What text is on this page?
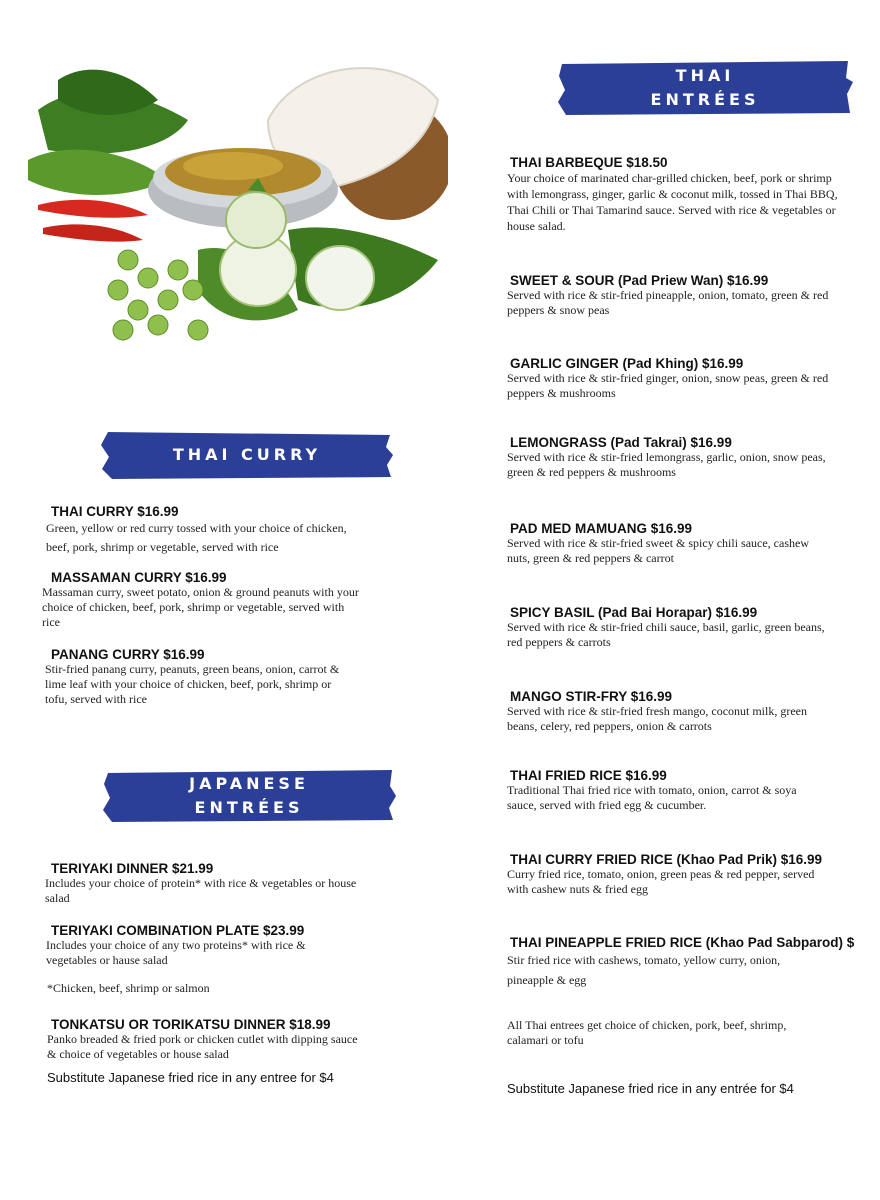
THAI
ENTRÉES
THAI CURRY
JAPANESE
ENTRÉES
THAI CURRY $16.99
Green, yellow or red curry tossed with your choice of chicken, beef, pork, shrimp or vegetable, served with rice
MASSAMAN CURRY $16.99
Massaman curry, sweet potato, onion & ground peanuts with your choice of chicken, beef, pork, shrimp or vegetable, served with rice
PANANG CURRY $16.99
Stir-fried panang curry, peanuts, green beans, onion, carrot & lime leaf with your choice of chicken, beef, pork, shrimp or tofu, served with rice
TERIYAKI DINNER $21.99
Includes your choice of protein* with rice & vegetables or house salad
TERIYAKI COMBINATION PLATE $23.99
Includes your choice of any two proteins* with rice & vegetables or hause salad
*Chicken, beef, shrimp or salmon
TONKATSU OR TORIKATSU DINNER $18.99
Panko breaded & fried pork or chicken cutlet with dipping sauce & choice of vegetables or house salad
Substitute Japanese fried rice in any entree for $4
THAI BARBEQUE $18.50
Your choice of marinated char-grilled chicken, beef, pork or shrimp with lemongrass, ginger, garlic & coconut milk, tossed in Thai BBQ, Thai Chili or Thai Tamarind sauce. Served with rice & vegetables or house salad.
SWEET & SOUR (Pad Priew Wan) $16.99
Served with rice & stir-fried pineapple, onion, tomato, green & red peppers & snow peas
GARLIC GINGER (Pad Khing) $16.99
Served with rice & stir-fried ginger, onion, snow peas, green & red peppers & mushrooms
LEMONGRASS (Pad Takrai) $16.99
Served with rice & stir-fried lemongrass, garlic, onion, snow peas, green & red peppers & mushrooms
PAD MED MAMUANG $16.99
Served with rice & stir-fried sweet & spicy chili sauce, cashew nuts, green & red peppers & carrot
SPICY BASIL (Pad Bai Horapar) $16.99
Served with rice & stir-fried chili sauce, basil, garlic, green beans, red peppers & carrots
MANGO STIR-FRY $16.99
Served with rice & stir-fried fresh mango, coconut milk, green beans, celery, red peppers, onion & carrots
THAI FRIED RICE $16.99
Traditional Thai fried rice with tomato, onion, carrot & soya sauce, served with fried egg & cucumber.
THAI CURRY FRIED RICE (Khao Pad Prik) $16.99
Curry fried rice, tomato, onion, green peas & red pepper, served with cashew nuts & fried egg
THAI PINEAPPLE FRIED RICE (Khao Pad Sabparod) $
Stir fried rice with cashews, tomato, yellow curry, onion, pineapple & egg
All Thai entrees get choice of chicken, pork, beef, shrimp, calamari or tofu
Substitute Japanese fried rice in any entrée for $4
